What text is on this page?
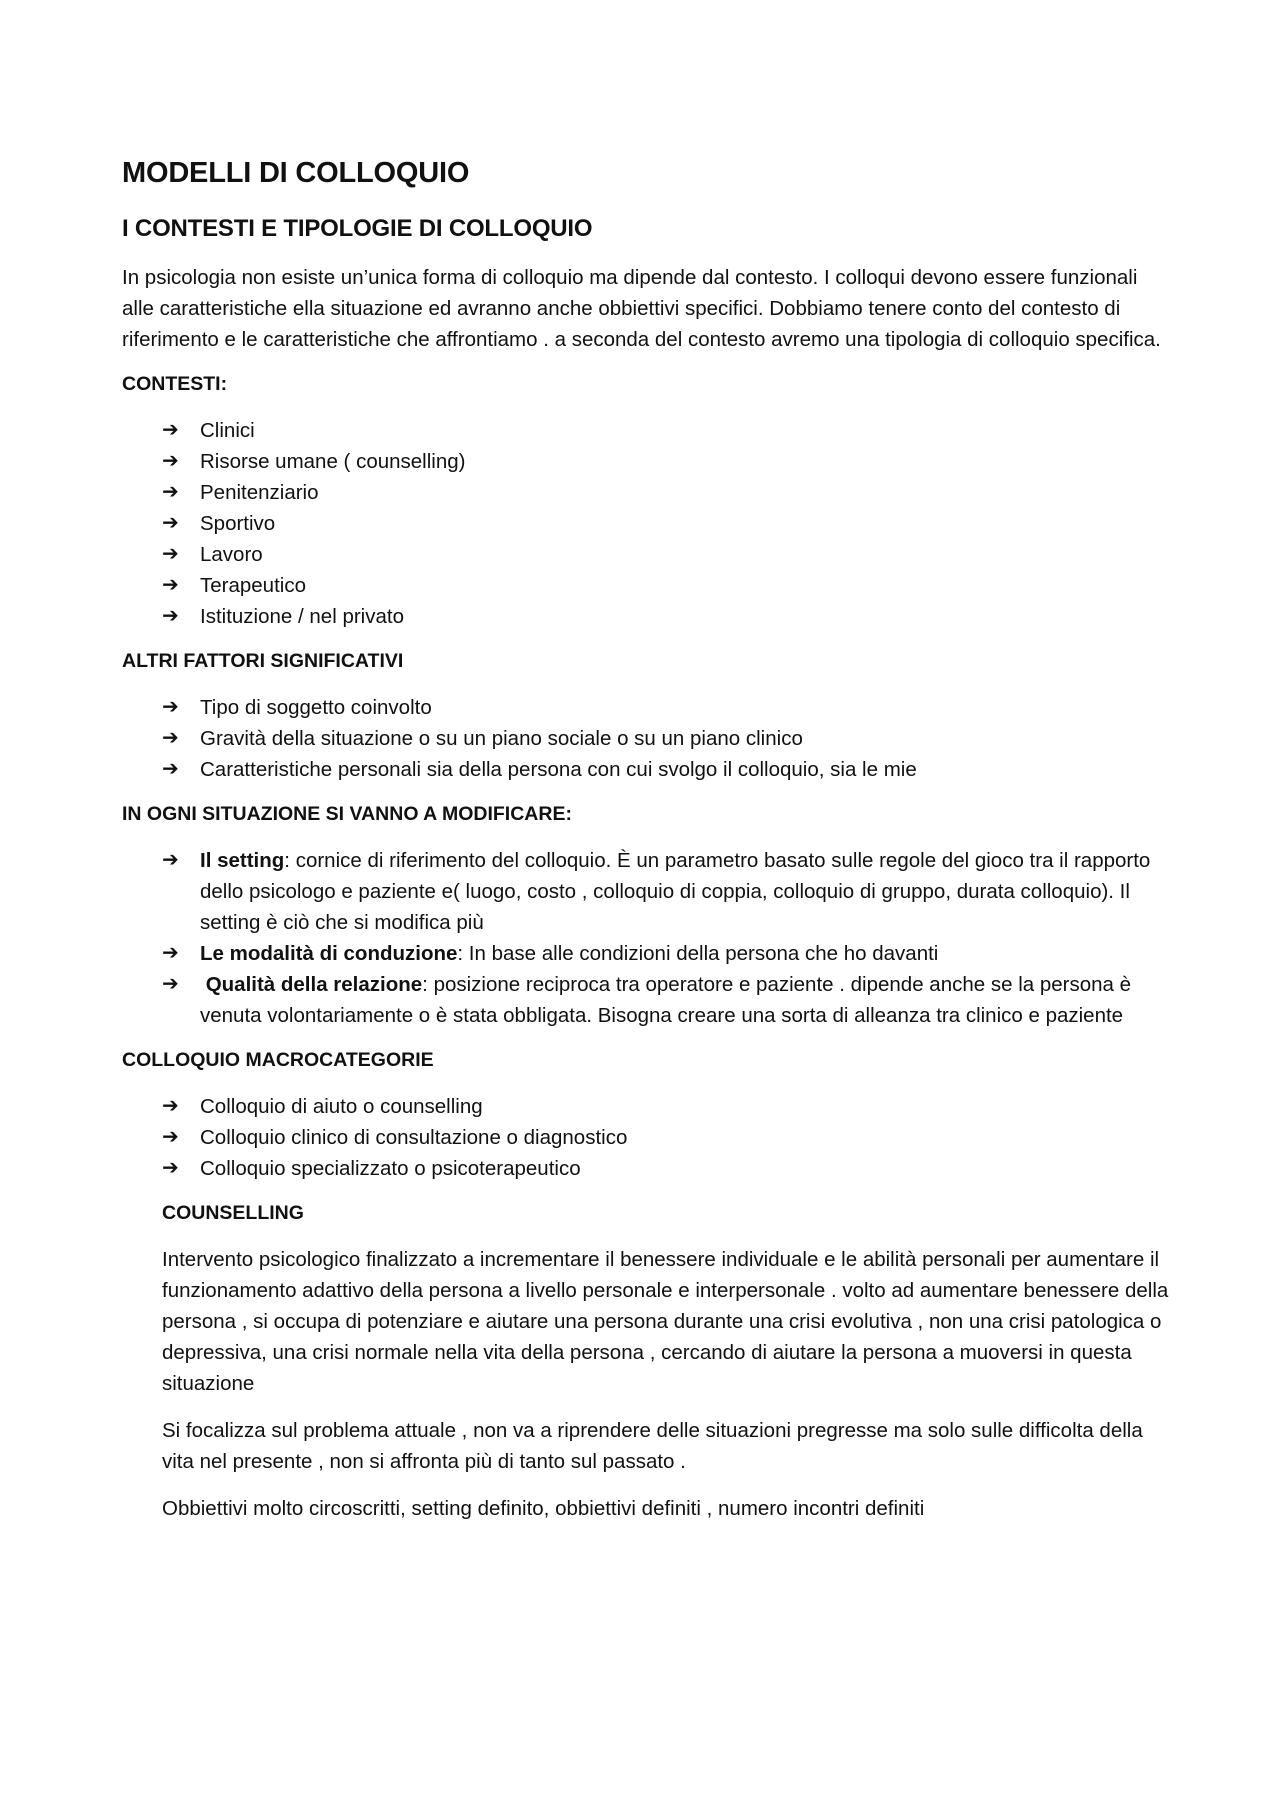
MODELLI DI COLLOQUIO
I CONTESTI E TIPOLOGIE DI COLLOQUIO

In psicologia non esiste un’unica forma di colloquio ma dipende dal contesto. I colloqui devono essere funzionali alle caratteristiche ella situazione ed avranno anche obbiettivi specifici. Dobbiamo tenere conto del contesto di riferimento e le caratteristiche che affrontiamo . a seconda del contesto avremo una tipologia di colloquio specifica.

CONTESTI:
➔ Clinici
➔ Risorse umane ( counselling)
➔ Penitenziario
➔ Sportivo
➔ Lavoro
➔ Terapeutico
➔ Istituzione / nel privato
ALTRI FATTORI SIGNIFICATIVI
➔ Tipo di soggetto coinvolto
➔ Gravità della situazione o su un piano sociale o su un piano clinico
➔ Caratteristiche personali sia della persona con cui svolgo il colloquio, sia le mie
IN OGNI SITUAZIONE SI VANNO A MODIFICARE:
➔ Il setting: cornice di riferimento del colloquio. È un parametro basato sulle regole del gioco tra il rapporto dello psicologo e paziente e( luogo, costo , colloquio di coppia, colloquio di gruppo, durata colloquio). Il setting è ciò che si modifica più
➔ Le modalità di conduzione: In base alle condizioni della persona che ho davanti
➔ Qualità della relazione: posizione reciproca tra operatore e paziente . dipende anche se la persona è venuta volontariamente o è stata obbligata. Bisogna creare una sorta di alleanza tra clinico e paziente
COLLOQUIO MACROCATEGORIE
➔ Colloquio di aiuto o counselling
➔ Colloquio clinico di consultazione o diagnostico
➔ Colloquio specializzato o psicoterapeutico
COUNSELLING

Intervento psicologico finalizzato a incrementare il benessere individuale e le abilità personali per aumentare il funzionamento adattivo della persona a livello personale e interpersonale . volto ad aumentare benessere della persona , si occupa di potenziare e aiutare una persona durante una crisi evolutiva , non una crisi patologica o depressiva, una crisi normale nella vita della persona , cercando di aiutare la persona a muoversi in questa situazione

Si focalizza sul problema attuale , non va a riprendere delle situazioni pregresse ma solo sulle difficolta della vita nel presente , non si affronta più di tanto sul passato .

Obbiettivi molto circoscritti, setting definito, obbiettivi definiti , numero incontri definiti
